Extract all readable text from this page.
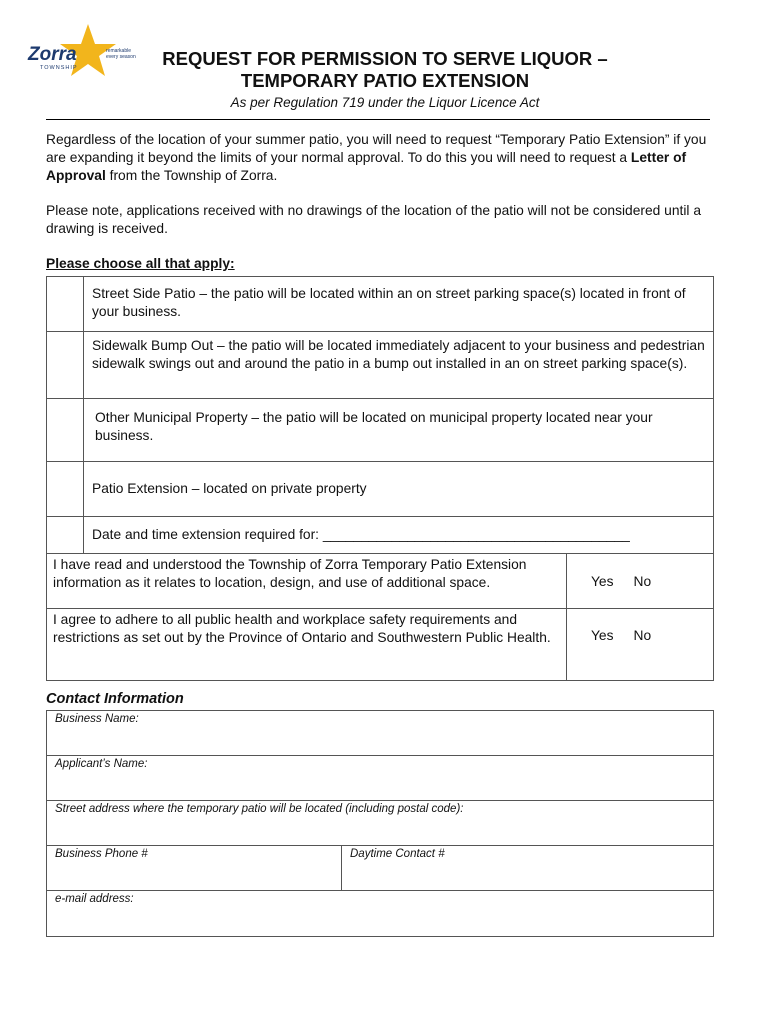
Zorra
TOWNSHIP
remarkable
every season	REQUEST FOR PERMISSION TO SERVE LIQUOR –
TEMPORARY PATIO EXTENSION
As per Regulation 719 under the Liquor Licence Act
Regardless of the location of your summer patio, you will need to request “Temporary Patio Extension” if you are expanding it beyond the limits of your normal approval. To do this you will need to request a Letter of Approval from the Township of Zorra.
Please note, applications received with no drawings of the location of the patio will not be considered until a drawing is received.
Please choose all that apply:
Street Side Patio – the patio will be located within an on street parking space(s) located in front of your business.
Sidewalk Bump Out – the patio will be located immediately adjacent to your business and pedestrian sidewalk swings out and around the patio in a bump out installed in an on street parking space(s).
Other Municipal Property – the patio will be located on municipal property located near your business.
Patio Extension – located on private property
Date and time extension required for: ________________________________________
I have read and understood the Township of Zorra Temporary Patio Extension information as it relates to location, design, and use of additional space.	Yes No
I agree to adhere to all public health and workplace safety requirements and restrictions as set out by the Province of Ontario and Southwestern Public Health.	Yes No
Contact Information
Business Name:
Applicant’s Name:
Street address where the temporary patio will be located (including postal code):
Business Phone #	Daytime Contact #
e-mail address:
